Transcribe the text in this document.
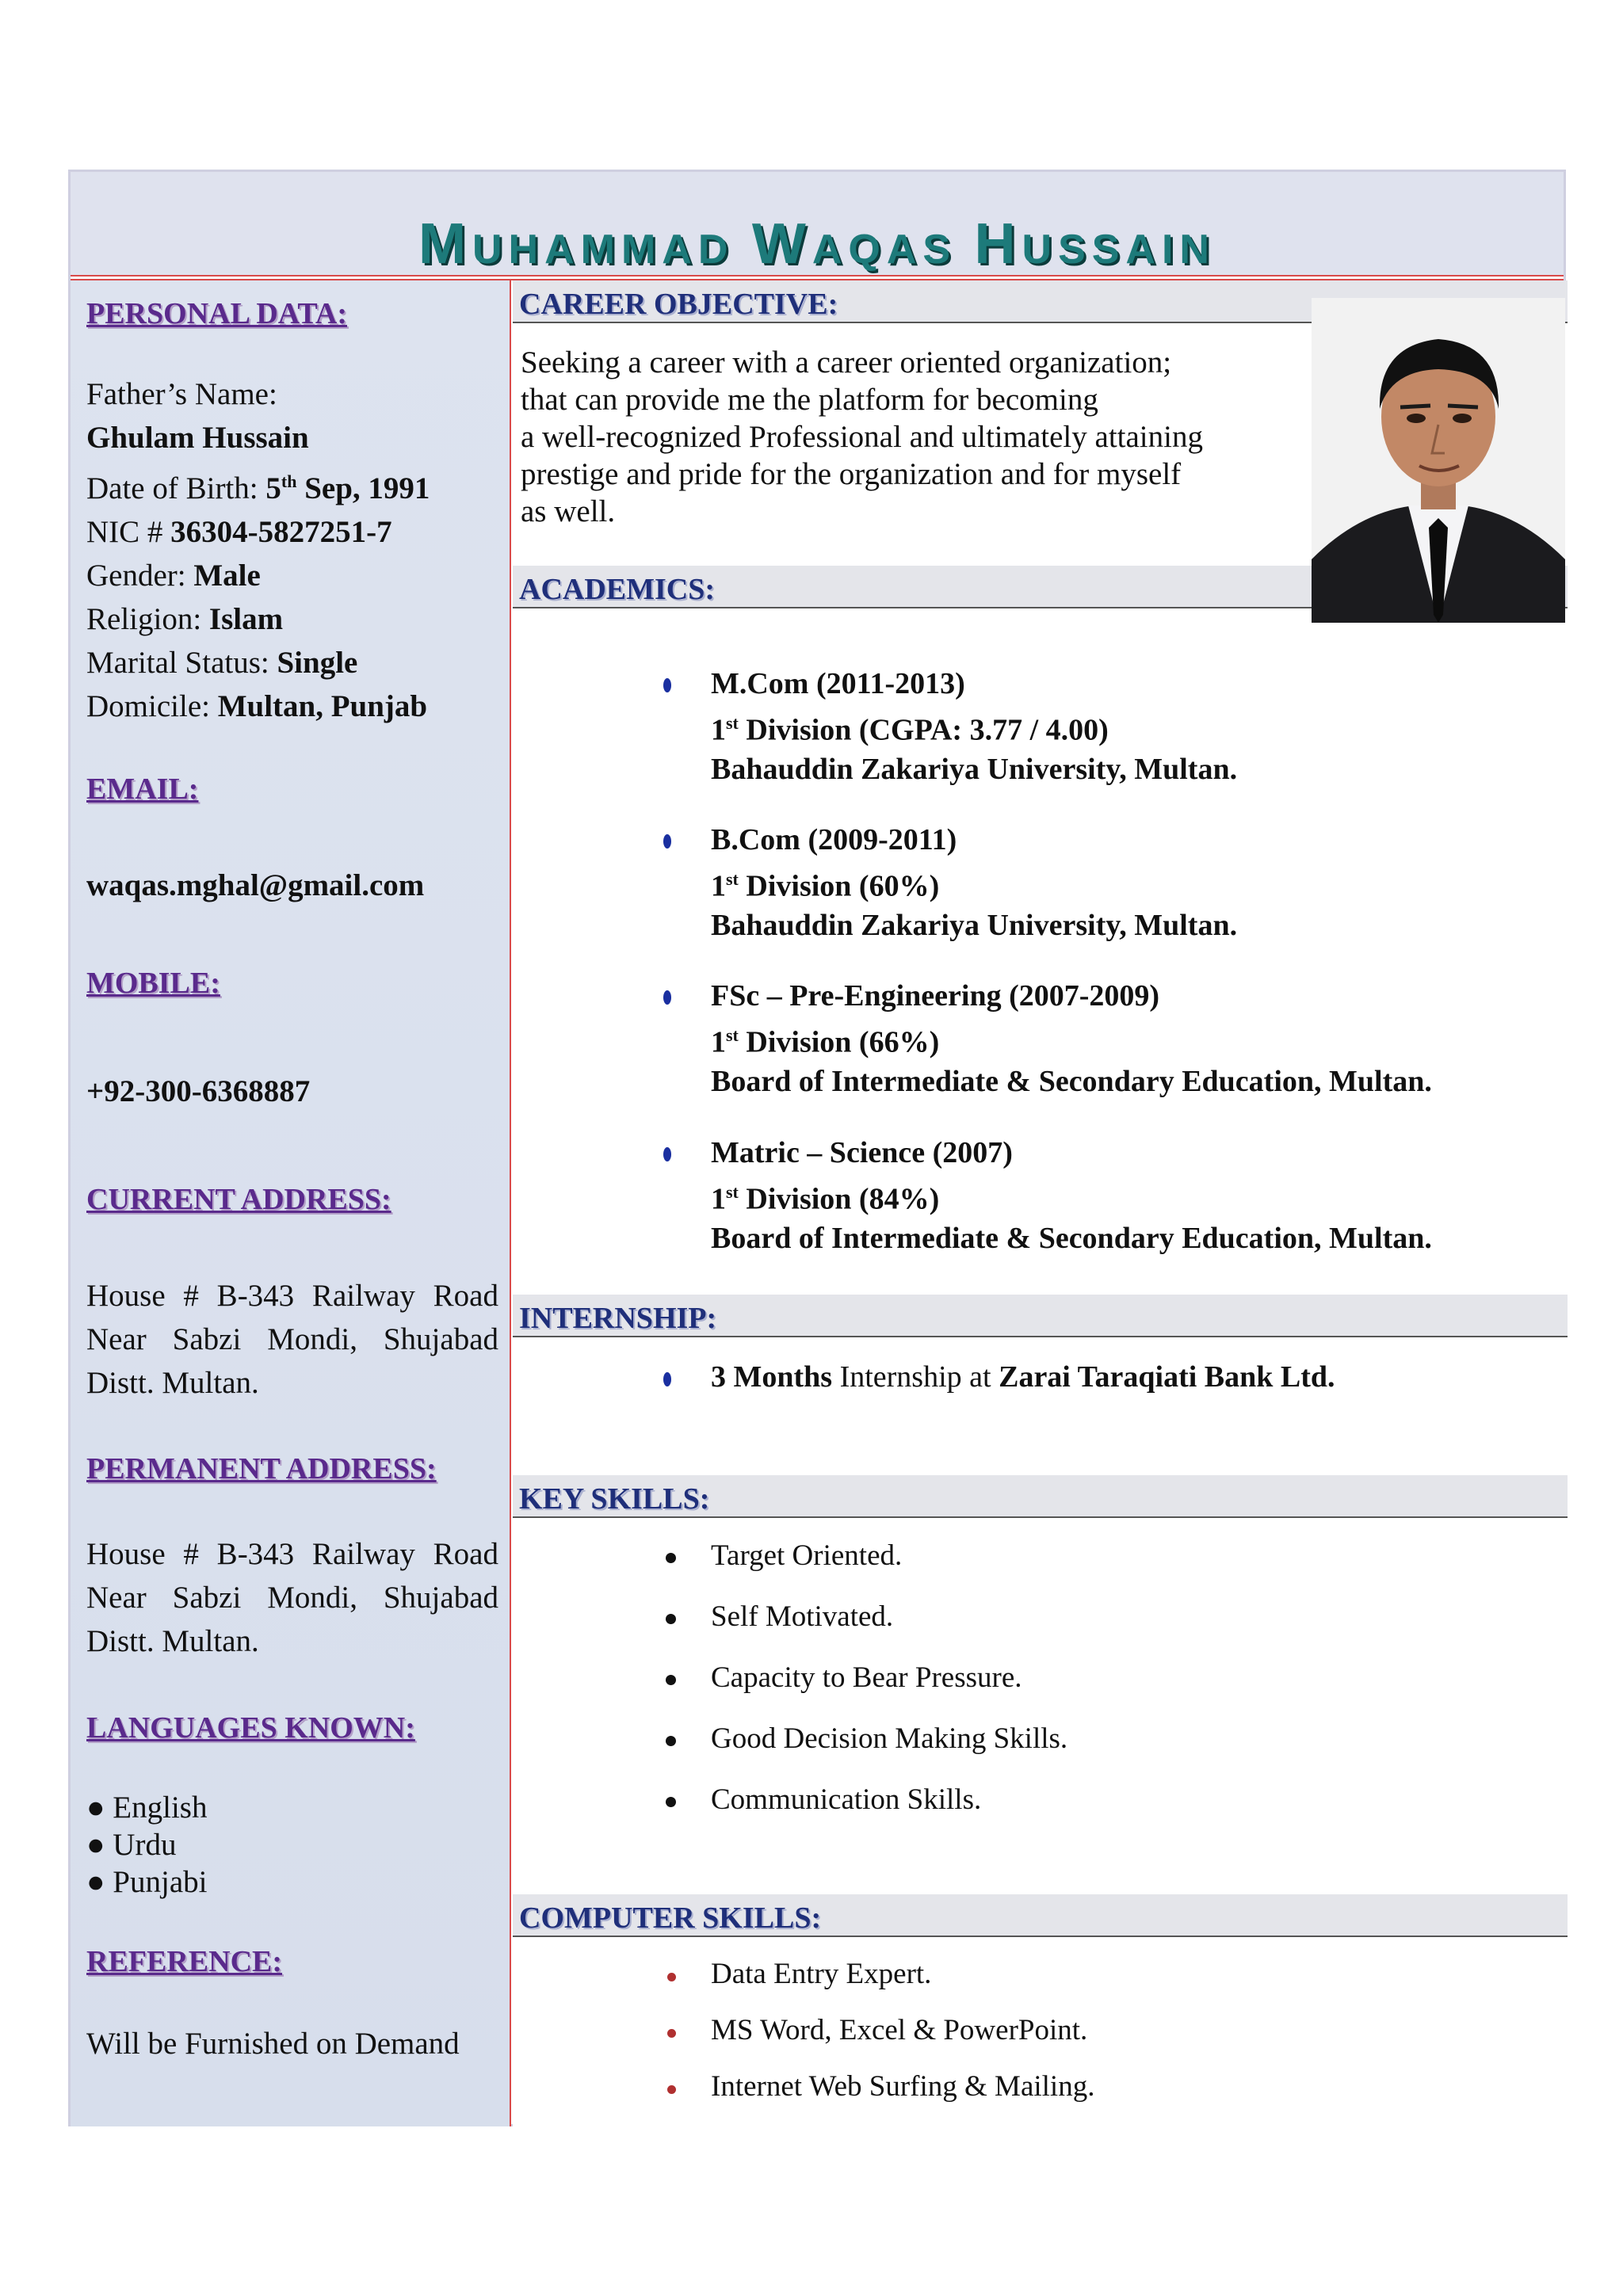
MUHAMMAD WAQAS HUSSAIN
PERSONAL DATA:
Father’s Name:
Ghulam Hussain
Date of Birth: 5th Sep, 1991
NIC # 36304-5827251-7
Gender: Male
Religion: Islam
Marital Status: Single
Domicile: Multan, Punjab
EMAIL:
waqas.mghal@gmail.com
MOBILE:
+92-300-6368887
CURRENT ADDRESS:
House # B-343 Railway Road Near Sabzi Mondi, Shujabad Distt. Multan.
PERMANENT ADDRESS:
House # B-343 Railway Road Near Sabzi Mondi, Shujabad Distt. Multan.
LANGUAGES KNOWN:
● English
● Urdu
● Punjabi
REFERENCE:
Will be Furnished on Demand
CAREER OBJECTIVE:
Seeking a career with a career oriented organization;
that can provide me the platform for becoming
a well-recognized Professional and ultimately attaining
prestige and pride for the organization and for myself
as well.
ACADEMICS:
M.Com (2011-2013)
1st Division (CGPA: 3.77 / 4.00)
Bahauddin Zakariya University, Multan.
B.Com (2009-2011)
1st Division (60%)
Bahauddin Zakariya University, Multan.
FSc – Pre-Engineering (2007-2009)
1st Division (66%)
Board of Intermediate & Secondary Education, Multan.
Matric – Science (2007)
1st Division (84%)
Board of Intermediate & Secondary Education, Multan.
INTERNSHIP:
3 Months Internship at Zarai Taraqiati Bank Ltd.
KEY SKILLS:
Target Oriented.
Self Motivated.
Capacity to Bear Pressure.
Good Decision Making Skills.
Communication Skills.
COMPUTER SKILLS:
Data Entry Expert.
MS Word, Excel & PowerPoint.
Internet Web Surfing & Mailing.
